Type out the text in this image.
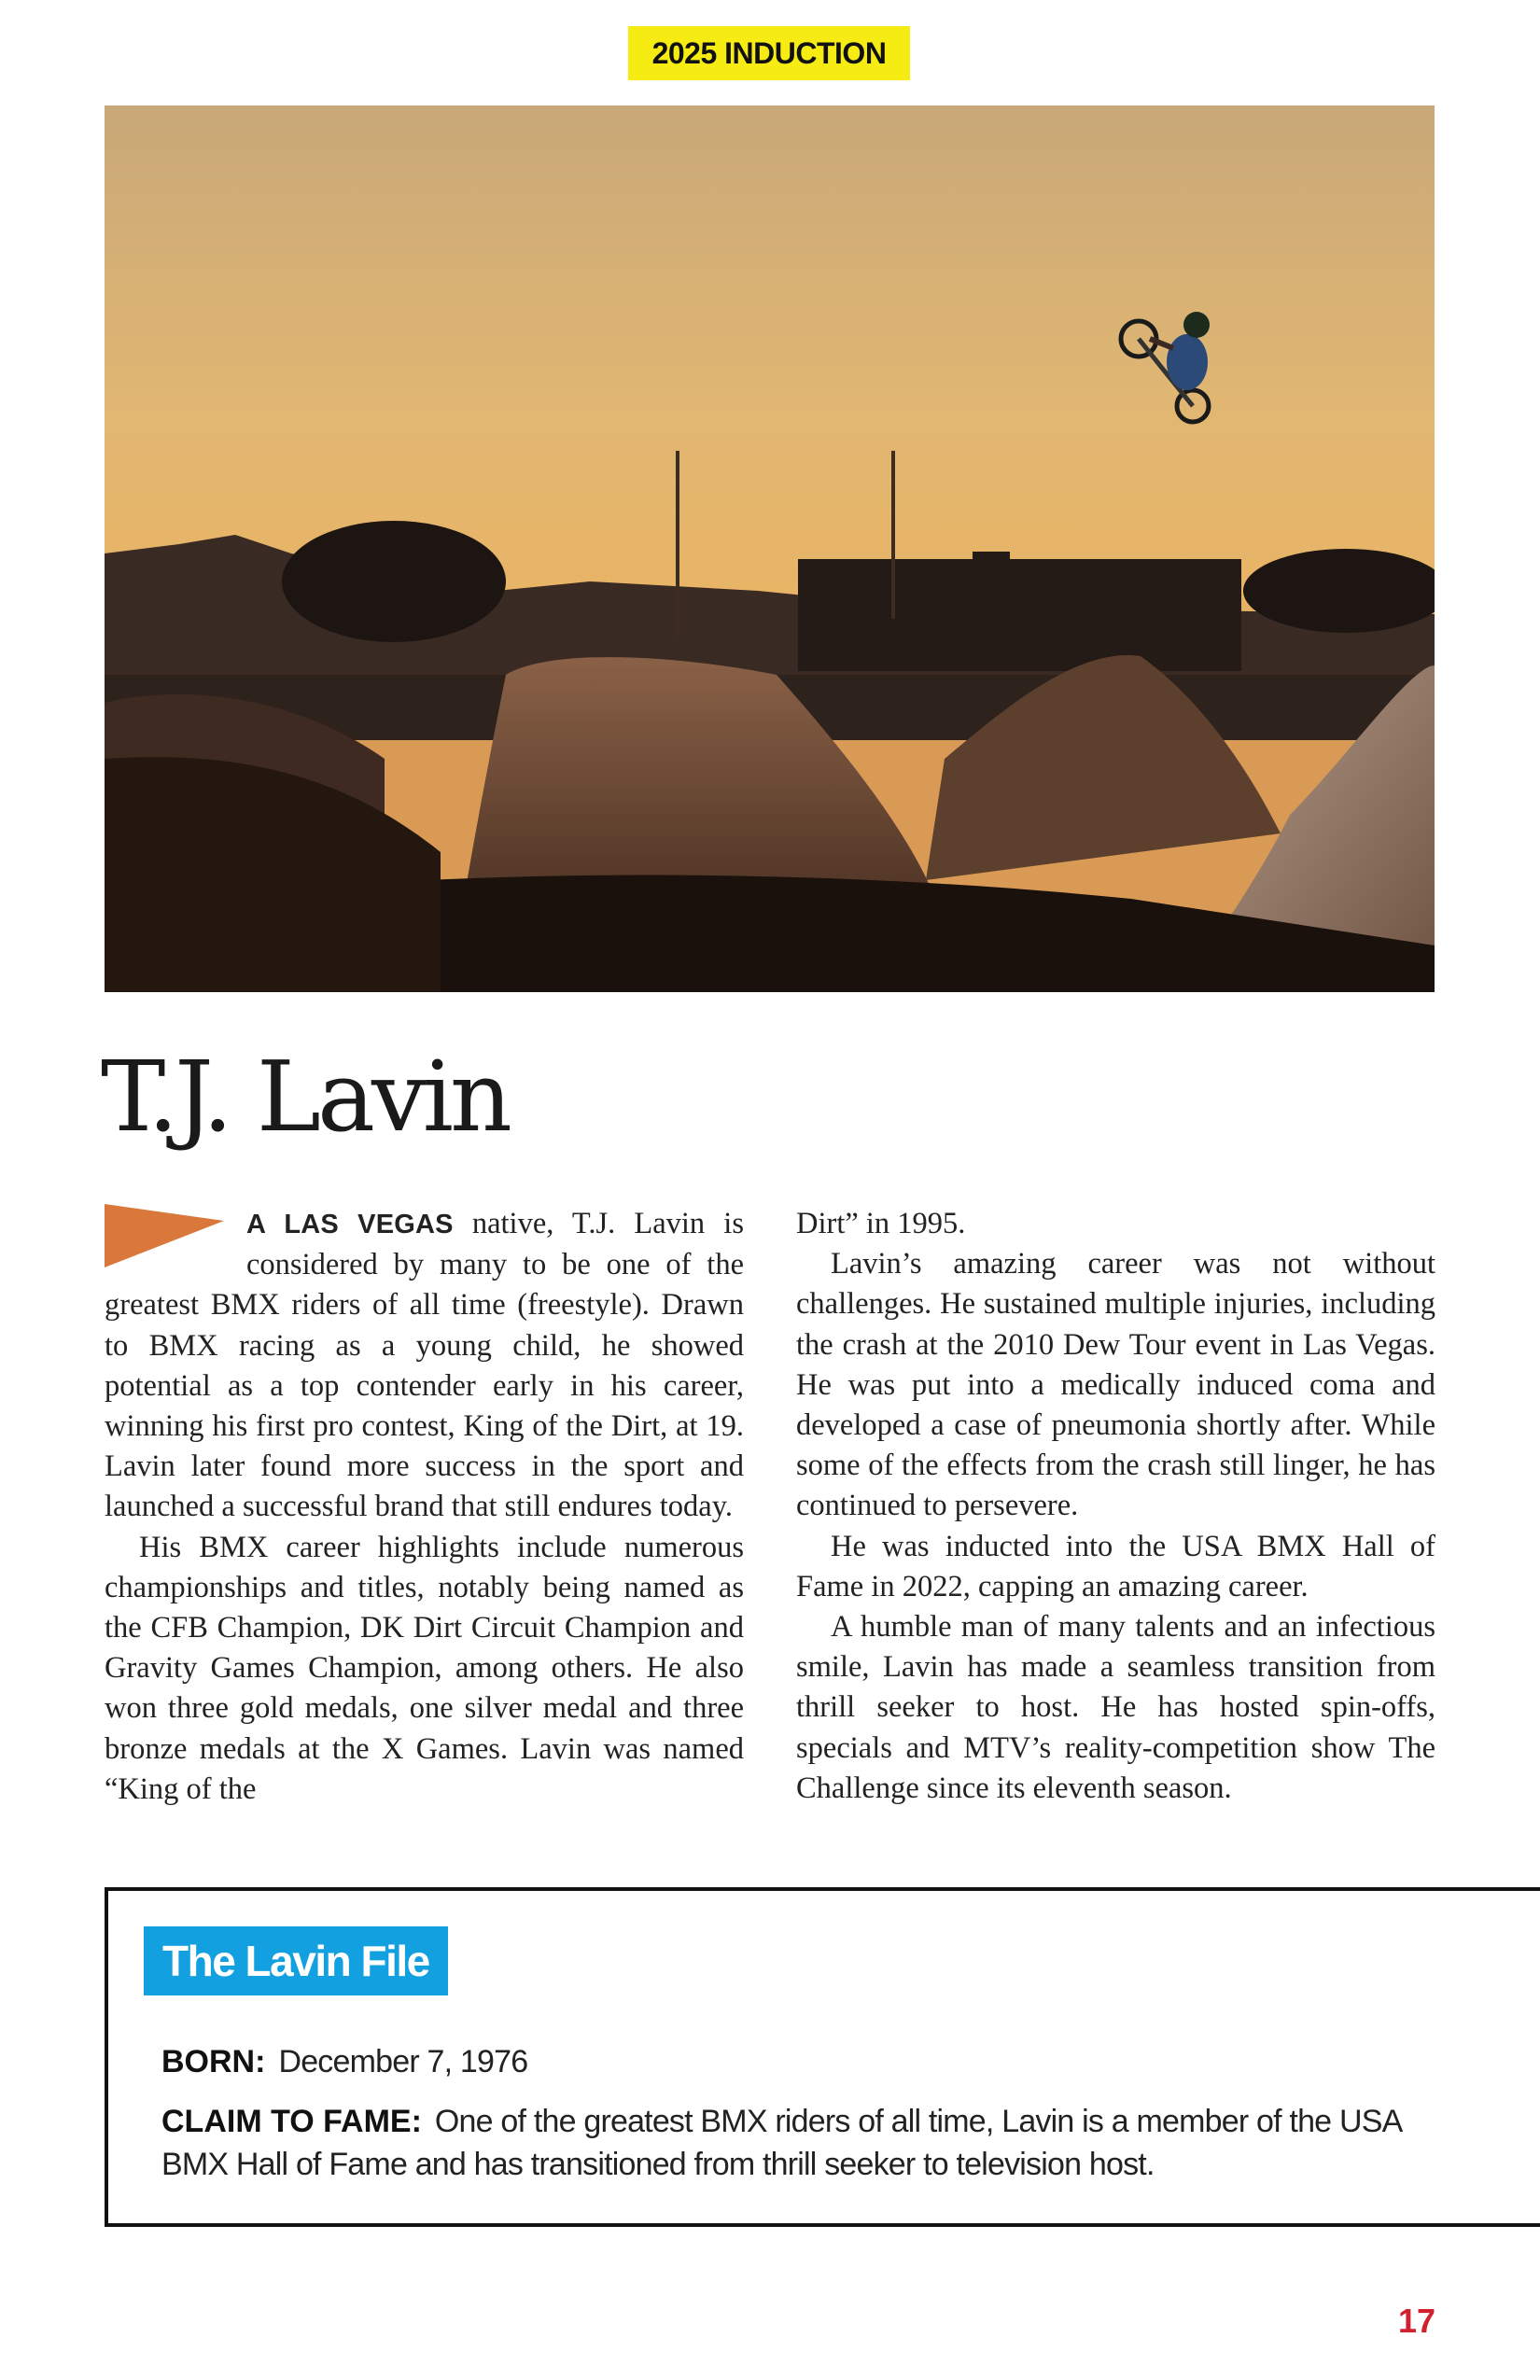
2025 INDUCTION
T.J. Lavin

A LAS VEGAS native, T.J. Lavin is considered by many to be one of the greatest BMX riders of all time (freestyle). Drawn to BMX racing as a young child, he showed potential as a top contender early in his career, winning his first pro contest, King of the Dirt, at 19. Lavin later found more success in the sport and launched a successful brand that still endures today.

His BMX career highlights include numerous championships and titles, notably being named as the CFB Champion, DK Dirt Circuit Champion and Gravity Games Champion, among others. He also won three gold medals, one silver medal and three bronze medals at the X Games. Lavin was named “King of the

Dirt” in 1995.

Lavin’s amazing career was not without challenges. He sustained multiple injuries, including the crash at the 2010 Dew Tour event in Las Vegas. He was put into a medically induced coma and developed a case of pneumonia shortly after. While some of the effects from the crash still linger, he has continued to persevere.

He was inducted into the USA BMX Hall of Fame in 2022, capping an amazing career.

A humble man of many talents and an infectious smile, Lavin has made a seamless transition from thrill seeker to host. He has hosted spin-offs, specials and MTV’s reality-competition show The Challenge since its eleventh season.

The Lavin File
BORN: December 7, 1976
CLAIM TO FAME: One of the greatest BMX riders of all time, Lavin is a member of the USA BMX Hall of Fame and has transitioned from thrill seeker to television host.
17
